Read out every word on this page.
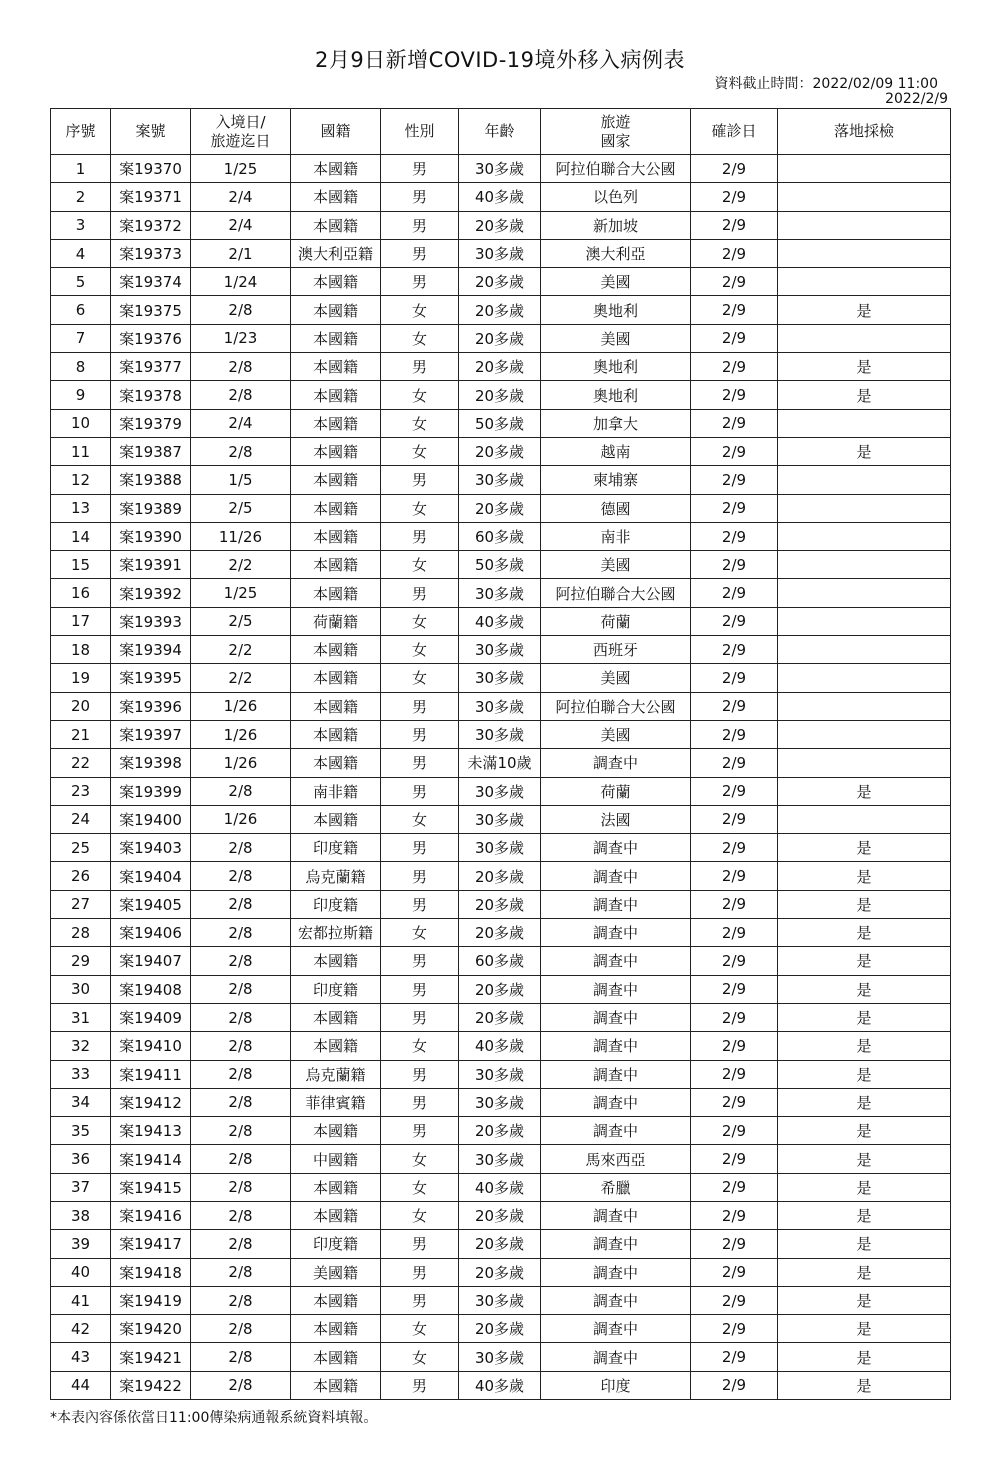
2月9日新增COVID-19境外移入病例表
資料截止時間：2022/02/09 11:00
2022/2/9
序號	案號	入境日/
旅遊迄日	國籍	性別	年齡	旅遊
國家	確診日	落地採檢
1	案19370	1/25	本國籍	男	30多歲	阿拉伯聯合大公國	2/9	
2	案19371	2/4	本國籍	男	40多歲	以色列	2/9	
3	案19372	2/4	本國籍	男	20多歲	新加坡	2/9	
4	案19373	2/1	澳大利亞籍	男	30多歲	澳大利亞	2/9	
5	案19374	1/24	本國籍	男	20多歲	美國	2/9	
6	案19375	2/8	本國籍	女	20多歲	奧地利	2/9	是
7	案19376	1/23	本國籍	女	20多歲	美國	2/9	
8	案19377	2/8	本國籍	男	20多歲	奧地利	2/9	是
9	案19378	2/8	本國籍	女	20多歲	奧地利	2/9	是
10	案19379	2/4	本國籍	女	50多歲	加拿大	2/9	
11	案19387	2/8	本國籍	女	20多歲	越南	2/9	是
12	案19388	1/5	本國籍	男	30多歲	柬埔寨	2/9	
13	案19389	2/5	本國籍	女	20多歲	德國	2/9	
14	案19390	11/26	本國籍	男	60多歲	南非	2/9	
15	案19391	2/2	本國籍	女	50多歲	美國	2/9	
16	案19392	1/25	本國籍	男	30多歲	阿拉伯聯合大公國	2/9	
17	案19393	2/5	荷蘭籍	女	40多歲	荷蘭	2/9	
18	案19394	2/2	本國籍	女	30多歲	西班牙	2/9	
19	案19395	2/2	本國籍	女	30多歲	美國	2/9	
20	案19396	1/26	本國籍	男	30多歲	阿拉伯聯合大公國	2/9	
21	案19397	1/26	本國籍	男	30多歲	美國	2/9	
22	案19398	1/26	本國籍	男	未滿10歲	調查中	2/9	
23	案19399	2/8	南非籍	男	30多歲	荷蘭	2/9	是
24	案19400	1/26	本國籍	女	30多歲	法國	2/9	
25	案19403	2/8	印度籍	男	30多歲	調查中	2/9	是
26	案19404	2/8	烏克蘭籍	男	20多歲	調查中	2/9	是
27	案19405	2/8	印度籍	男	20多歲	調查中	2/9	是
28	案19406	2/8	宏都拉斯籍	女	20多歲	調查中	2/9	是
29	案19407	2/8	本國籍	男	60多歲	調查中	2/9	是
30	案19408	2/8	印度籍	男	20多歲	調查中	2/9	是
31	案19409	2/8	本國籍	男	20多歲	調查中	2/9	是
32	案19410	2/8	本國籍	女	40多歲	調查中	2/9	是
33	案19411	2/8	烏克蘭籍	男	30多歲	調查中	2/9	是
34	案19412	2/8	菲律賓籍	男	30多歲	調查中	2/9	是
35	案19413	2/8	本國籍	男	20多歲	調查中	2/9	是
36	案19414	2/8	中國籍	女	30多歲	馬來西亞	2/9	是
37	案19415	2/8	本國籍	女	40多歲	希臘	2/9	是
38	案19416	2/8	本國籍	女	20多歲	調查中	2/9	是
39	案19417	2/8	印度籍	男	20多歲	調查中	2/9	是
40	案19418	2/8	美國籍	男	20多歲	調查中	2/9	是
41	案19419	2/8	本國籍	男	30多歲	調查中	2/9	是
42	案19420	2/8	本國籍	女	20多歲	調查中	2/9	是
43	案19421	2/8	本國籍	女	30多歲	調查中	2/9	是
44	案19422	2/8	本國籍	男	40多歲	印度	2/9	是
*本表內容係依當日11:00傳染病通報系統資料填報。
